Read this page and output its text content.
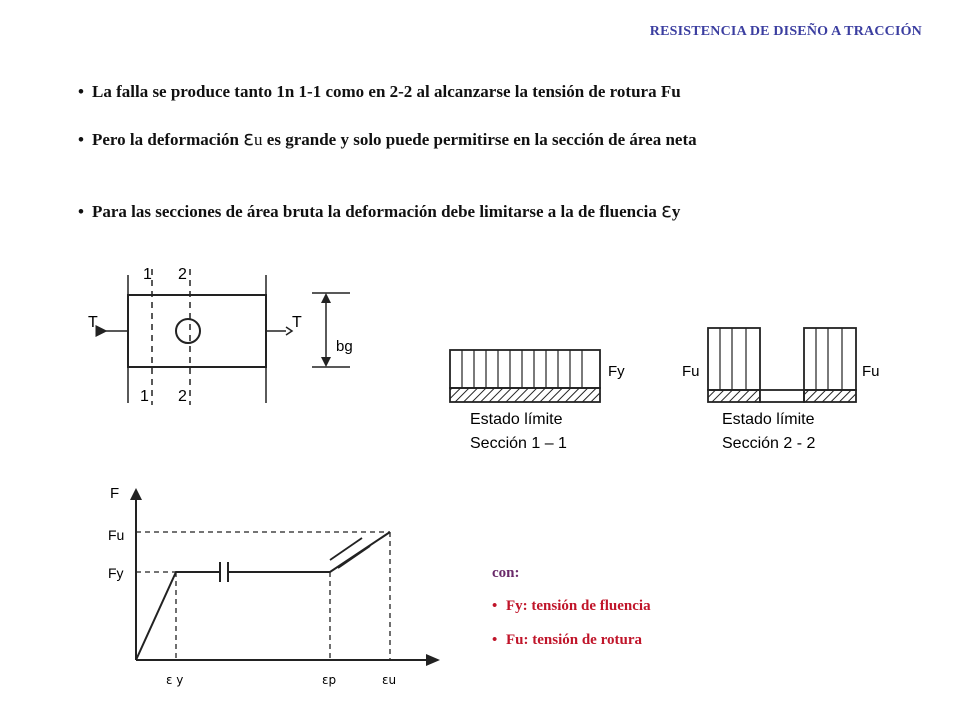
RESISTENCIA DE DISEÑO A TRACCIÓN
• La falla se produce tanto 1n 1-1 como en 2-2 al alcanzarse la tensión de rotura Fu
• Pero la deformación εu es grande y solo puede permitirse en la sección de área neta
• Para las secciones de área bruta la deformación debe limitarse a la de fluencia εy
1 2
1 2
T	T
bg
Fy
Estado límite
Sección 1 – 1
Fu	Fu
Estado límite
Sección 2 - 2
F
Fu
Fy
ε y	εp	εu
con:
• Fy: tensión de fluencia
• Fu: tensión de rotura
